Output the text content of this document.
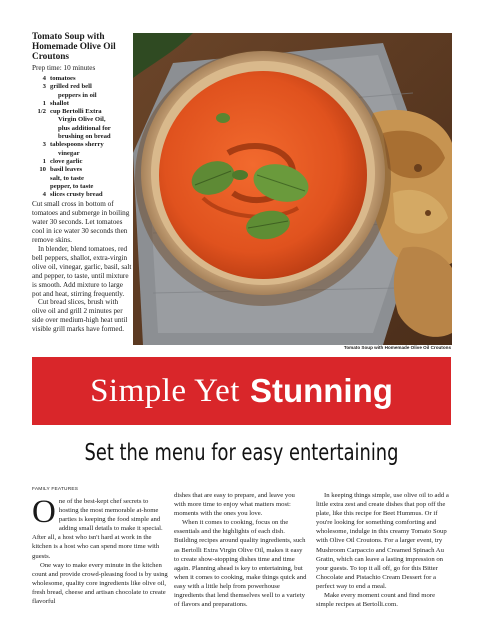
Tomato Soup with Homemade Olive Oil Croutons
Prep time: 10 minutes
4 tomatoes
3 grilled red bell
peppers in oil
1 shallot
1/2 cup Bertolli Extra
Virgin Olive Oil,
plus additional for
brushing on bread
3 tablespoons sherry
vinegar
1 clove garlic
10 basil leaves
salt, to taste
pepper, to taste
4 slices crusty bread

Cut small cross in bottom of tomatoes and submerge in boiling water 30 seconds. Let tomatoes cool in ice water 30 seconds then remove skins.

In blender, blend tomatoes, red bell peppers, shallot, extra-virgin olive oil, vinegar, garlic, basil, salt and pepper, to taste, until mixture is smooth. Add mixture to large pot and heat, stirring frequently.

Cut bread slices, brush with olive oil and grill 2 minutes per side over medium-high heat until visible grill marks have formed.

Tomato Soup with Homemade Olive Oil Croutons
Simple Yet Stunning
Set the menu for easy entertaining
FAMILY FEATURES

One of the best-kept chef secrets to hosting the most memorable at-home parties is keeping the food simple and adding small details to make it special. After all, a host who isn't hard at work in the kitchen is a host who can spend more time with guests.

One way to make every minute in the kitchen count and provide crowd-pleasing food is by using wholesome, quality core ingredients like olive oil, fresh bread, cheese and artisan chocolate to create flavorful

dishes that are easy to prepare, and leave you with more time to enjoy what matters most: moments with the ones you love.

When it comes to cooking, focus on the essentials and the highlights of each dish. Building recipes around quality ingredients, such as Bertolli Extra Virgin Olive Oil, makes it easy to create show-stopping dishes time and time again. Planning ahead is key to entertaining, but when it comes to cooking, make things quick and easy with a little help from powerhouse ingredients that lend themselves well to a variety of flavors and preparations.

In keeping things simple, use olive oil to add a little extra zest and create dishes that pop off the plate, like this recipe for Beet Hummus. Or if you're looking for something comforting and wholesome, indulge in this creamy Tomato Soup with Olive Oil Croutons. For a larger event, try Mushroom Carpaccio and Creamed Spinach Au Gratin, which can leave a lasting impression on your guests. To top it all off, go for this Bitter Chocolate and Pistachio Cream Dessert for a perfect way to end a meal.

Make every moment count and find more simple recipes at Bertolli.com.
